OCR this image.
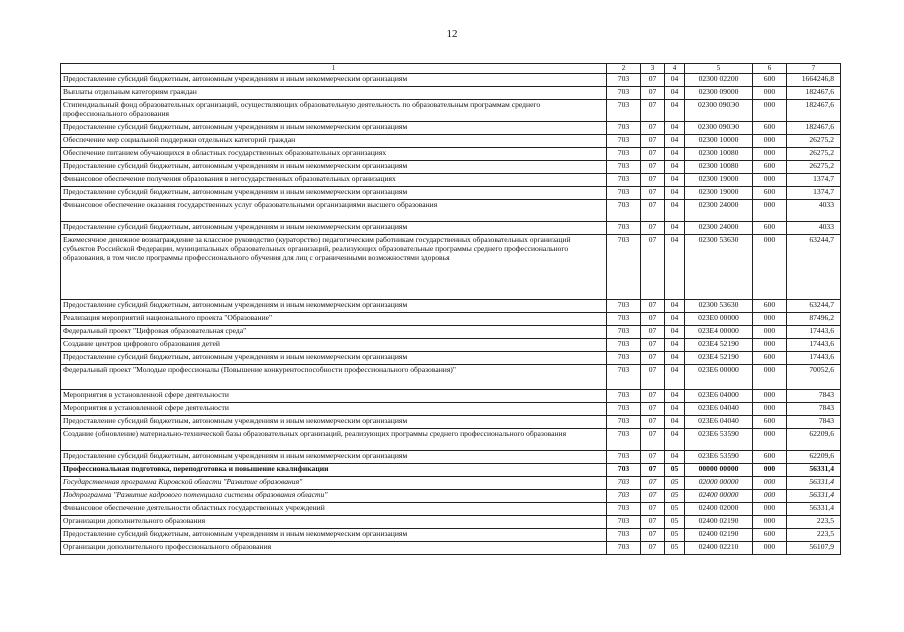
12
1	2	3	4	5	6	7
Предоставление субсидий бюджетным, автономным учреждениям и иным некоммерческим организациям	703	07	04	02300 02200	600	1664246,8
Выплаты отдельным категориям граждан	703	07	04	02300 09000	000	182467,6
Стипендиальный фонд образовательных организаций, осуществляющих образовательную деятельность по образовательным программам среднего профессионального образования	703	07	04	02300 090Э0	000	182467,6
Предоставление субсидий бюджетным, автономным учреждениям и иным некоммерческим организациям	703	07	04	02300 090Э0	600	182467,6
Обеспечение мер социальной поддержки отдельных категорий граждан	703	07	04	02300 10000	000	26275,2
Обеспечение питанием обучающихся в областных государственных образовательных организациях	703	07	04	02300 10080	000	26275,2
Предоставление субсидий бюджетным, автономным учреждениям и иным некоммерческим организациям	703	07	04	02300 10080	600	26275,2
Финансовое обеспечение получения образования в негосударственных образовательных организациях	703	07	04	02300 19000	000	1374,7
Предоставление субсидий бюджетным, автономным учреждениям и иным некоммерческим организациям	703	07	04	02300 19000	600	1374,7
Финансовое обеспечение оказания государственных услуг образовательными организациями высшего образования	703	07	04	02300 24000	000	4033
Предоставление субсидий бюджетным, автономным учреждениям и иным некоммерческим организациям	703	07	04	02300 24000	600	4033
Ежемесячное денежное вознаграждение за классное руководство (кураторство) педагогическим работникам государственных образовательных организаций субъектов Российской Федерации, муниципальных образовательных организаций, реализующих образовательные программы среднего профессионального образования, в том числе программы профессионального обучения для лиц с ограниченными возможностями здоровья	703	07	04	02300 53630	000	63244,7
Предоставление субсидий бюджетным, автономным учреждениям и иным некоммерческим организациям	703	07	04	02300 53630	600	63244,7
Реализация мероприятий национального проекта "Образование"	703	07	04	023E0 00000	000	87496,2
Федеральный проект "Цифровая образовательная среда"	703	07	04	023E4 00000	000	17443,6
Создание центров цифрового образования детей	703	07	04	023E4 52190	000	17443,6
Предоставление субсидий бюджетным, автономным учреждениям и иным некоммерческим организациям	703	07	04	023E4 52190	600	17443,6
Федеральный проект "Молодые профессионалы (Повышение конкурентоспособности профессионального образования)"	703	07	04	023E6 00000	000	70052,6
Мероприятия в установленной сфере деятельности	703	07	04	023E6 04000	000	7843
Мероприятия в установленной сфере деятельности	703	07	04	023E6 04040	000	7843
Предоставление субсидий бюджетным, автономным учреждениям и иным некоммерческим организациям	703	07	04	023E6 04040	600	7843
Создание (обновление) материально-технической базы образовательных организаций, реализующих программы среднего профессионального образования	703	07	04	023E6 53590	000	62209,6
Предоставление субсидий бюджетным, автономным учреждениям и иным некоммерческим организациям	703	07	04	023E6 53590	600	62209,6
Профессиональная подготовка, переподготовка и повышение квалификации	703	07	05	00000 00000	000	56331,4
Государственная программа Кировской области "Развитие образования"	703	07	05	02000 00000	000	56331,4
Подпрограмма "Развитие кадрового потенциала системы образования области"	703	07	05	02400 00000	000	56331,4
Финансовое обеспечение деятельности областных государственных учреждений	703	07	05	02400 02000	000	56331,4
Организации дополнительного образования	703	07	05	02400 02190	000	223,5
Предоставление субсидий бюджетным, автономным учреждениям и иным некоммерческим организациям	703	07	05	02400 02190	600	223,5
Организации дополнительного профессионального образования	703	07	05	02400 02210	000	56107,9
